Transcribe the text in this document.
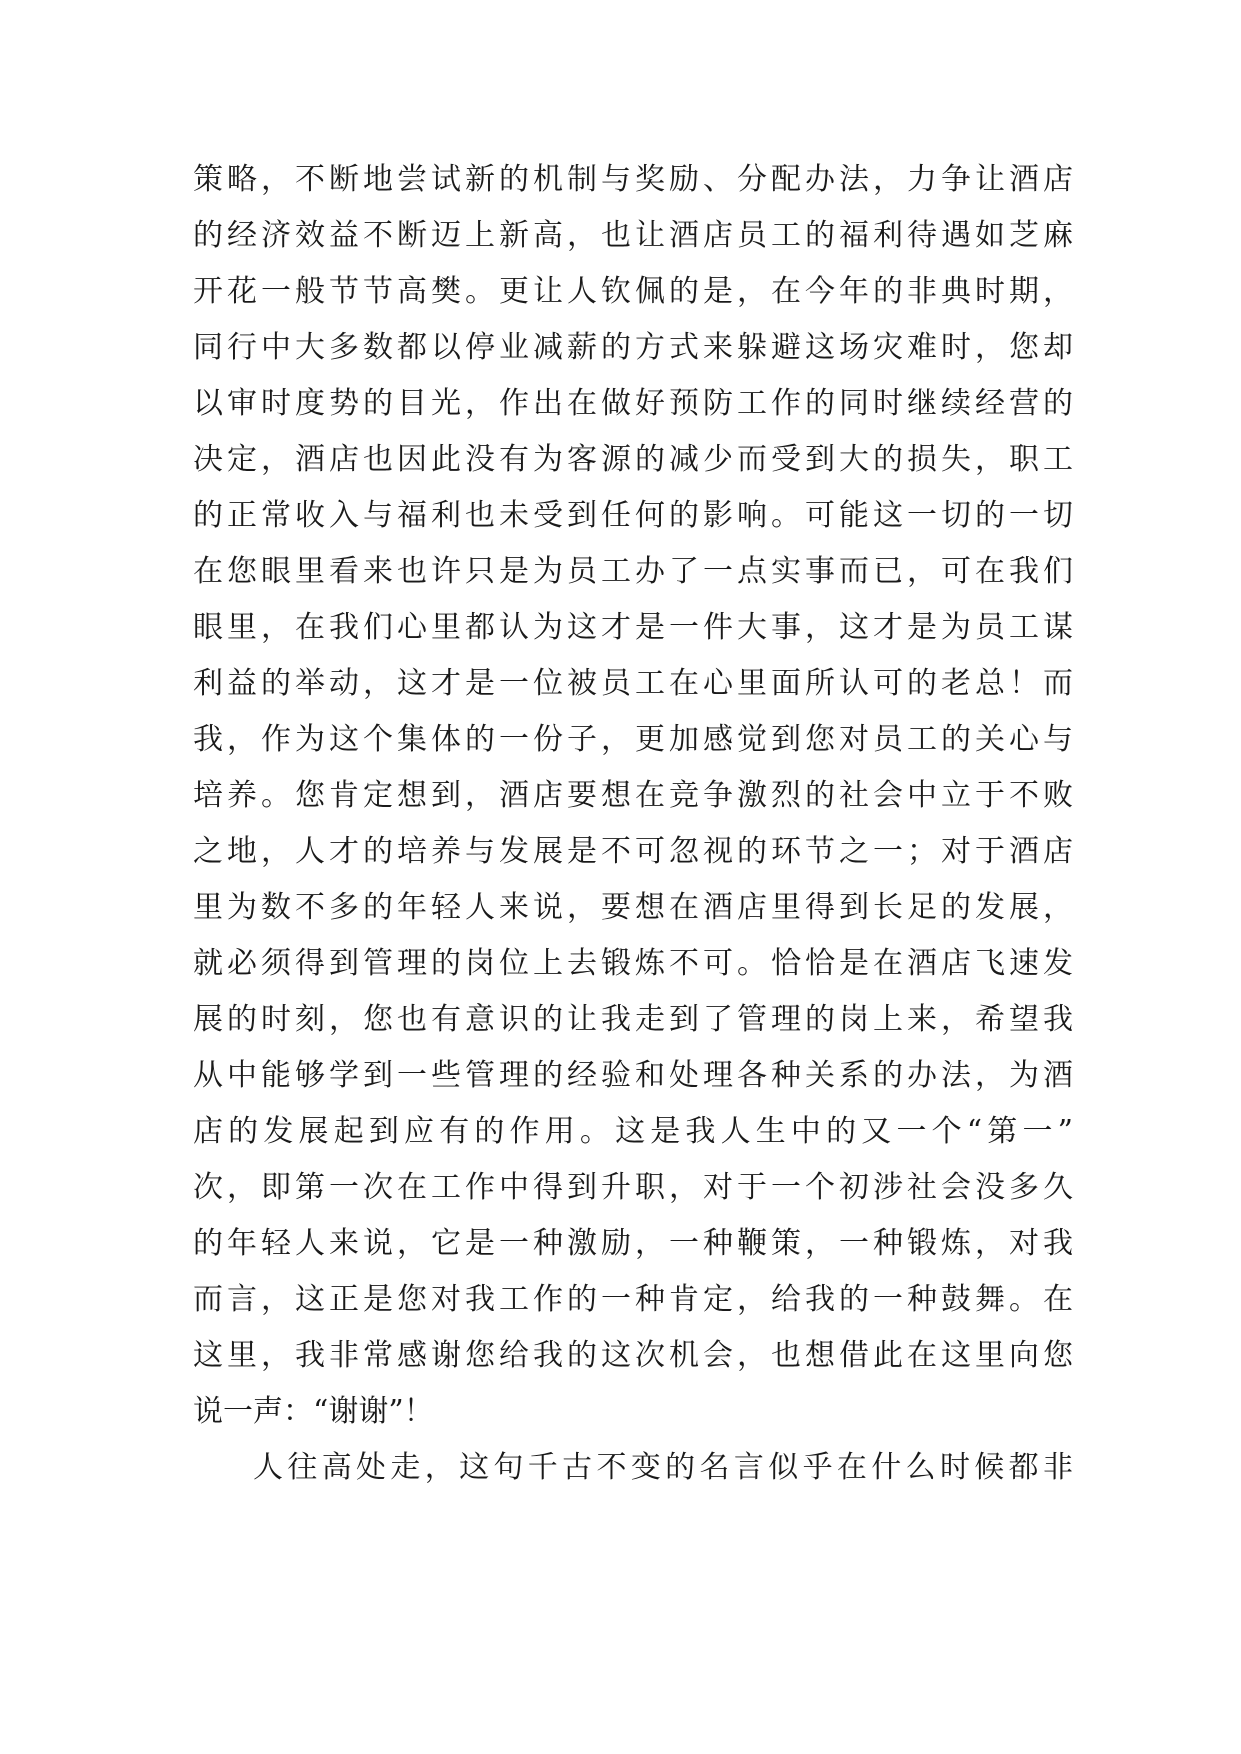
策略，不断地尝试新的机制与奖励、分配办法，力争让酒店
的经济效益不断迈上新高，也让酒店员工的福利待遇如芝麻
开花一般节节高樊。更让人钦佩的是，在今年的非典时期，
同行中大多数都以停业减薪的方式来躲避这场灾难时，您却
以审时度势的目光，作出在做好预防工作的同时继续经营的
决定，酒店也因此没有为客源的减少而受到大的损失，职工
的正常收入与福利也未受到任何的影响。可能这一切的一切
在您眼里看来也许只是为员工办了一点实事而已，可在我们
眼里，在我们心里都认为这才是一件大事，这才是为员工谋
利益的举动，这才是一位被员工在心里面所认可的老总！而
我，作为这个集体的一份子，更加感觉到您对员工的关心与
培养。您肯定想到，酒店要想在竞争激烈的社会中立于不败
之地，人才的培养与发展是不可忽视的环节之一；对于酒店
里为数不多的年轻人来说，要想在酒店里得到长足的发展，
就必须得到管理的岗位上去锻炼不可。恰恰是在酒店飞速发
展的时刻，您也有意识的让我走到了管理的岗上来，希望我
从中能够学到一些管理的经验和处理各种关系的办法，为酒
店的发展起到应有的作用。这是我人生中的又一个“第一”
次，即第一次在工作中得到升职，对于一个初涉社会没多久
的年轻人来说，它是一种激励，一种鞭策，一种锻炼，对我
而言，这正是您对我工作的一种肯定，给我的一种鼓舞。在
这里，我非常感谢您给我的这次机会，也想借此在这里向您
说一声：“谢谢”！
人往高处走，这句千古不变的名言似乎在什么时候都非
